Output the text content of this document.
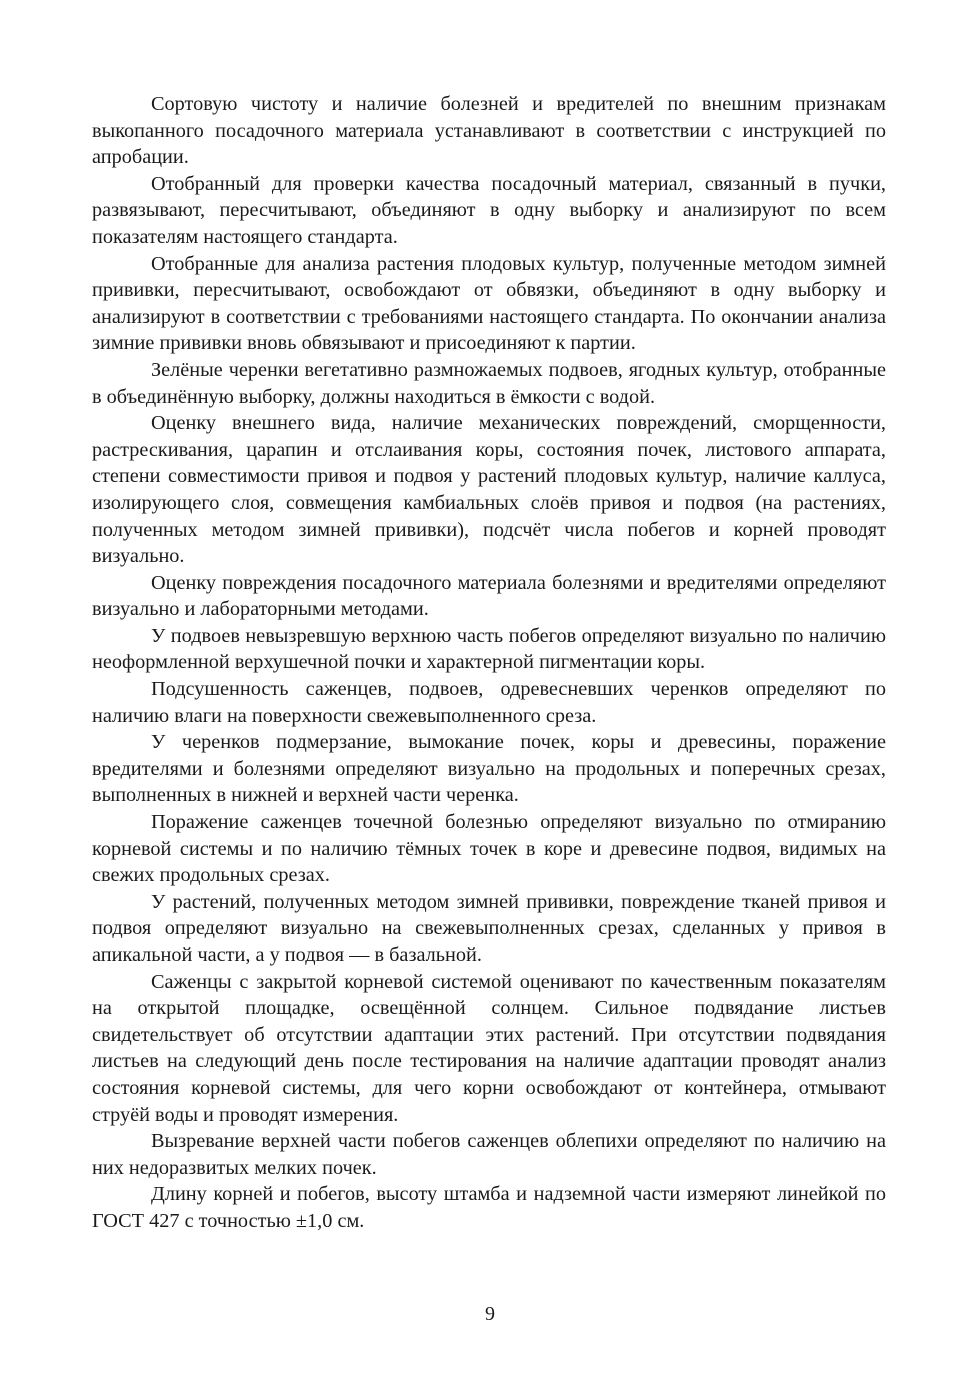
Сортовую чистоту и наличие болезней и вредителей по внешним признакам выкопанного посадочного материала устанавливают в соответствии с инструкцией по апробации.

Отобранный для проверки качества посадочный материал, связанный в пучки, развязывают, пересчитывают, объединяют в одну выборку и анализируют по всем показателям настоящего стандарта.

Отобранные для анализа растения плодовых культур, полученные методом зимней прививки, пересчитывают, освобождают от обвязки, объединяют в одну выборку и анализируют в соответствии с требованиями настоящего стандарта. По окончании анализа зимние прививки вновь обвязывают и присоединяют к партии.

Зелёные черенки вегетативно размножаемых подвоев, ягодных культур, отобранные в объединённую выборку, должны находиться в ёмкости с водой.

Оценку внешнего вида, наличие механических повреждений, сморщенности, растрескивания, царапин и отслаивания коры, состояния почек, листового аппарата, степени совместимости привоя и подвоя у растений плодовых культур, наличие каллуса, изолирующего слоя, совмещения камбиальных слоёв привоя и подвоя (на растениях, полученных методом зимней прививки), подсчёт числа побегов и корней проводят визуально.

Оценку повреждения посадочного материала болезнями и вредителями определяют визуально и лабораторными методами.

У подвоев невызревшую верхнюю часть побегов определяют визуально по наличию неоформленной верхушечной почки и характерной пигментации коры.

Подсушенность саженцев, подвоев, одревесневших черенков определяют по наличию влаги на поверхности свежевыполненного среза.

У черенков подмерзание, вымокание почек, коры и древесины, поражение вредителями и болезнями определяют визуально на продольных и поперечных срезах, выполненных в нижней и верхней части черенка.

Поражение саженцев точечной болезнью определяют визуально по отмиранию корневой системы и по наличию тёмных точек в коре и древесине подвоя, видимых на свежих продольных срезах.

У растений, полученных методом зимней прививки, повреждение тканей привоя и подвоя определяют визуально на свежевыполненных срезах, сделанных у привоя в апикальной части, а у подвоя — в базальной.

Саженцы с закрытой корневой системой оценивают по качественным показателям на открытой площадке, освещённой солнцем. Сильное подвядание листьев свидетельствует об отсутствии адаптации этих растений. При отсутствии подвядания листьев на следующий день после тестирования на наличие адаптации проводят анализ состояния корневой системы, для чего корни освобождают от контейнера, отмывают струёй воды и проводят измерения.

Вызревание верхней части побегов саженцев облепихи определяют по наличию на них недоразвитых мелких почек.

Длину корней и побегов, высоту штамба и надземной части измеряют линейкой по ГОСТ 427 с точностью ±1,0 см.

9
